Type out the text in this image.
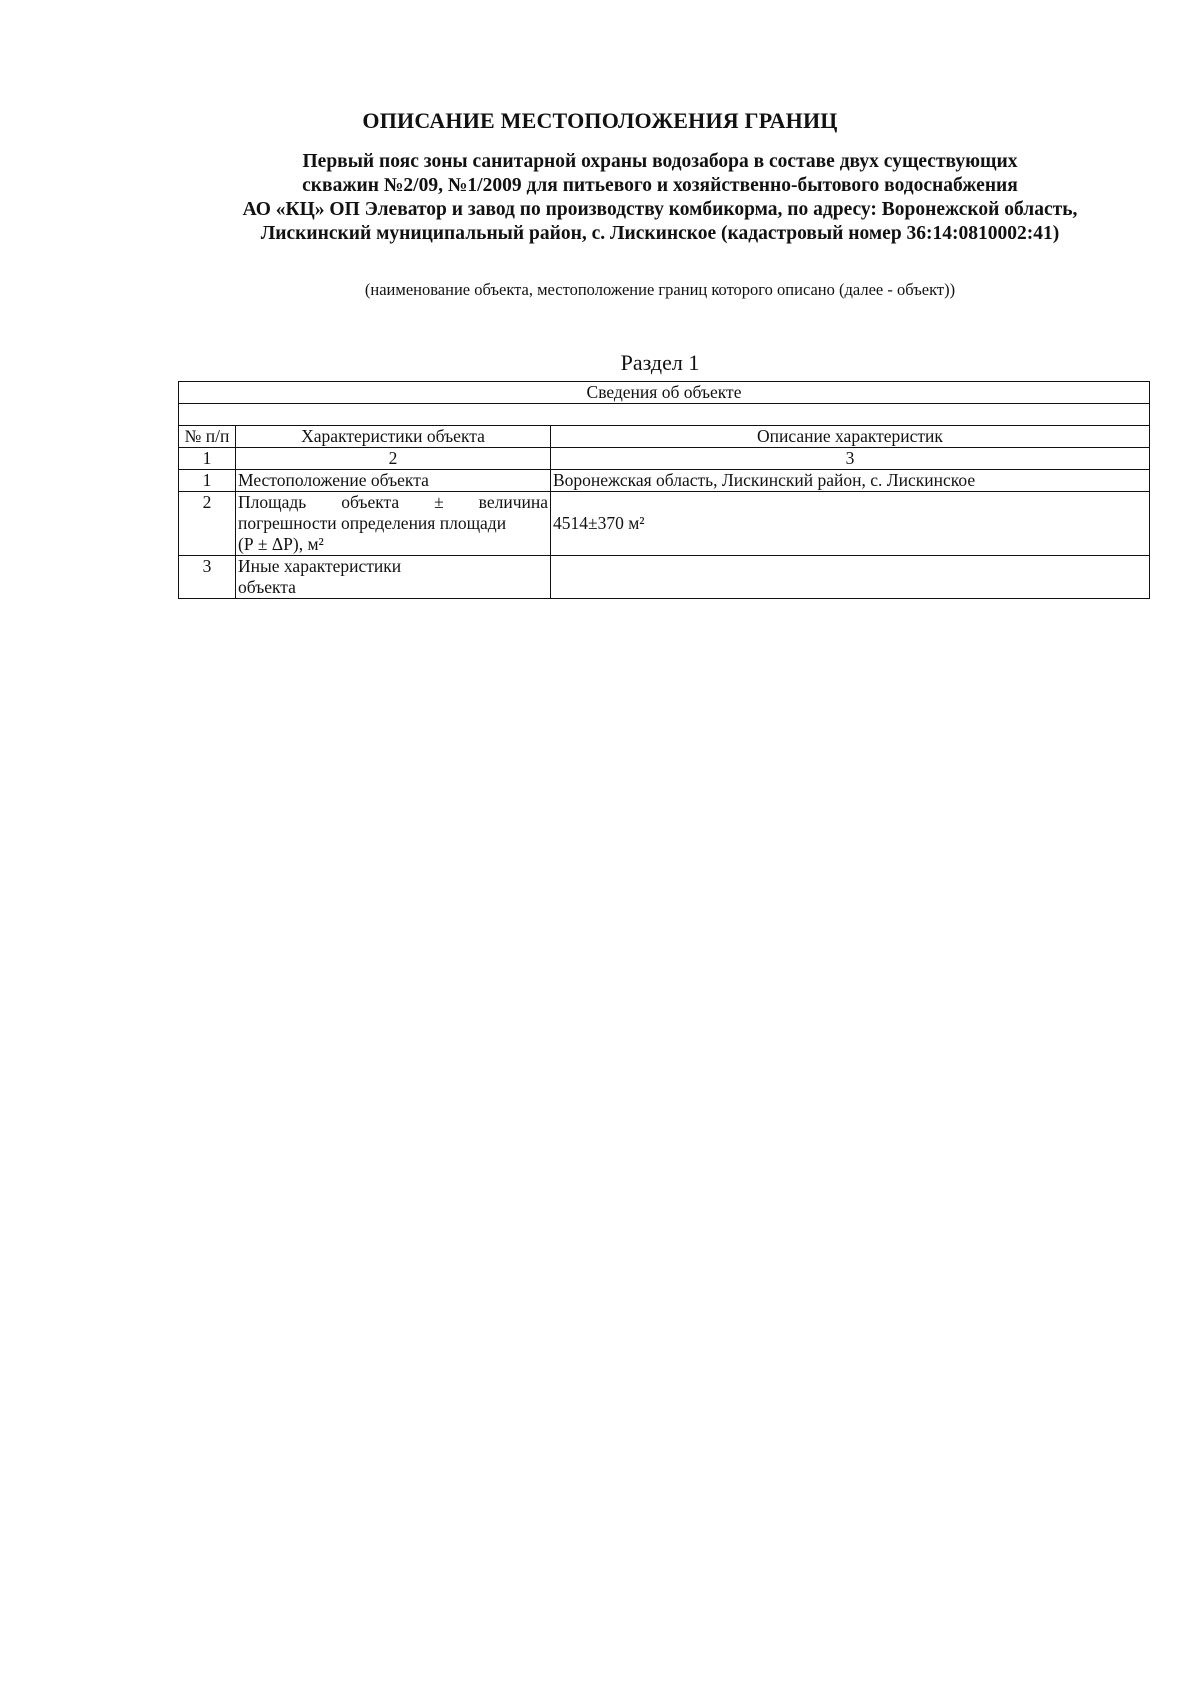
ОПИСАНИЕ МЕСТОПОЛОЖЕНИЯ ГРАНИЦ
Первый пояс зоны санитарной охраны водозабора в составе двух существующих
скважин №2/09, №1/2009 для питьевого и хозяйственно-бытового водоснабжения
АО «КЦ» ОП Элеватор и завод по производству комбикорма, по адресу: Воронежской область,
Лискинский муниципальный район, с. Лискинское (кадастровый номер 36:14:0810002:41)
(наименование объекта, местоположение границ которого описано (далее - объект))
Раздел 1
Сведения об объекте		

№ п/п	Характеристики объекта	Описание характеристик
1	2	3
1	Местоположение объекта	Воронежская область, Лискинский район, с. Лискинское
2	Площадь объекта ± величина
погрешности определения площади
(Р ± ΔР), м²	4514±370 м²
3	Иные характеристики
объекта	
